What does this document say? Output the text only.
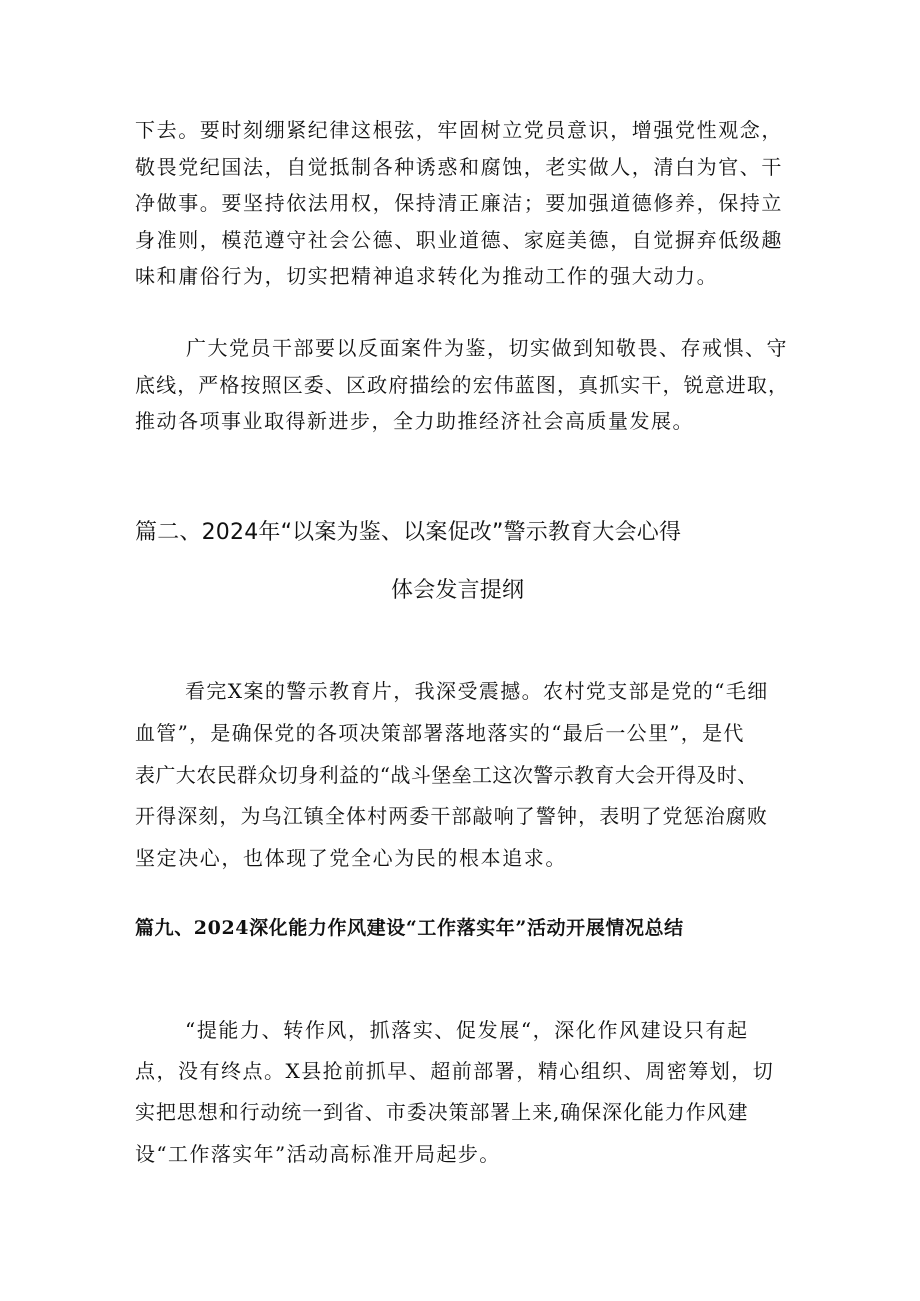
下去。要时刻绷紧纪律这根弦，牢固树立党员意识，增强党性观念，
敬畏党纪国法，自觉抵制各种诱惑和腐蚀，老实做人，清白为官、干
净做事。要坚持依法用权，保持清正廉洁；要加强道德修养，保持立
身准则，模范遵守社会公德、职业道德、家庭美德，自觉摒弃低级趣
味和庸俗行为，切实把精神追求转化为推动工作的强大动力。
广大党员干部要以反面案件为鉴，切实做到知敬畏、存戒惧、守
底线，严格按照区委、区政府描绘的宏伟蓝图，真抓实干，锐意进取，
推动各项事业取得新进步，全力助推经济社会高质量发展。
篇二、2024年“以案为鉴、以案促改”警示教育大会心得
体会发言提纲
看完X案的警示教育片，我深受震撼。农村党支部是党的“毛细
血管”，是确保党的各项决策部署落地落实的“最后一公里”，是代
表广大农民群众切身利益的“战斗堡垒工这次警示教育大会开得及时、
开得深刻，为乌江镇全体村两委干部敲响了警钟，表明了党惩治腐败
坚定决心，也体现了党全心为民的根本追求。
篇九、2024深化能力作风建设“工作落实年”活动开展情况总结
“提能力、转作风，抓落实、促发展“，深化作风建设只有起
点，没有终点。X县抢前抓早、超前部署，精心组织、周密筹划，切
实把思想和行动统一到省、市委决策部署上来,确保深化能力作风建
设“工作落实年”活动高标准开局起步。
